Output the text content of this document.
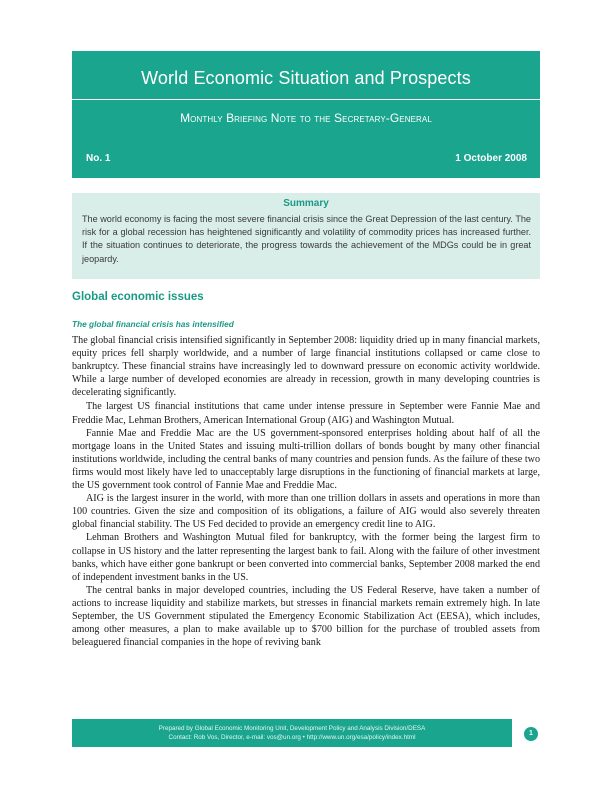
World Economic Situation and Prospects
Monthly Briefing Note to the Secretary-General
No. 1	1 October 2008
Summary
The world economy is facing the most severe financial crisis since the Great Depression of the last century. The risk for a global recession has heightened significantly and volatility of commodity prices has increased further. If the situation continues to deteriorate, the progress towards the achievement of the MDGs could be in great jeopardy.
Global economic issues
The global financial crisis has intensified

The global financial crisis intensified significantly in September 2008: liquidity dried up in many financial markets, equity prices fell sharply worldwide, and a number of large financial institutions collapsed or came close to bankruptcy. These financial strains have increasingly led to downward pressure on economic activity worldwide. While a large number of developed economies are already in recession, growth in many developing countries is decelerating significantly.

The largest US financial institutions that came under intense pressure in September were Fannie Mae and Freddie Mac, Lehman Brothers, American International Group (AIG) and Washington Mutual.

Fannie Mae and Freddie Mac are the US government-sponsored enterprises holding about half of all the mortgage loans in the United States and issuing multi-trillion dollars of bonds bought by many other financial institutions worldwide, including the central banks of many countries and pension funds. As the failure of these two firms would most likely have led to unacceptably large disruptions in the functioning of financial markets at large, the US government took control of Fannie Mae and Freddie Mac.

AIG is the largest insurer in the world, with more than one trillion dollars in assets and operations in more than 100 countries. Given the size and composition of its obligations, a failure of AIG would also severely threaten global financial stability. The US Fed decided to provide an emergency credit line to AIG.

Lehman Brothers and Washington Mutual filed for bankruptcy, with the former being the largest firm to collapse in US history and the latter representing the largest bank to fail. Along with the failure of other investment banks, which have either gone bankrupt or been converted into commercial banks, September 2008 marked the end of independent investment banks in the US.

The central banks in major developed countries, including the US Federal Reserve, have taken a number of actions to increase liquidity and stabilize markets, but stresses in financial markets remain extremely high. In late September, the US Government stipulated the Emergency Economic Stabilization Act (EESA), which includes, among other measures, a plan to make available up to $700 billion for the purchase of troubled assets from beleaguered financial companies in the hope of reviving bank

Prepared by Global Economic Monitoring Unit, Development Policy and Analysis Division/DESA
Contact: Rob Vos, Director, e-mail: vos@un.org • http://www.un.org/esa/policy/index.html
1
